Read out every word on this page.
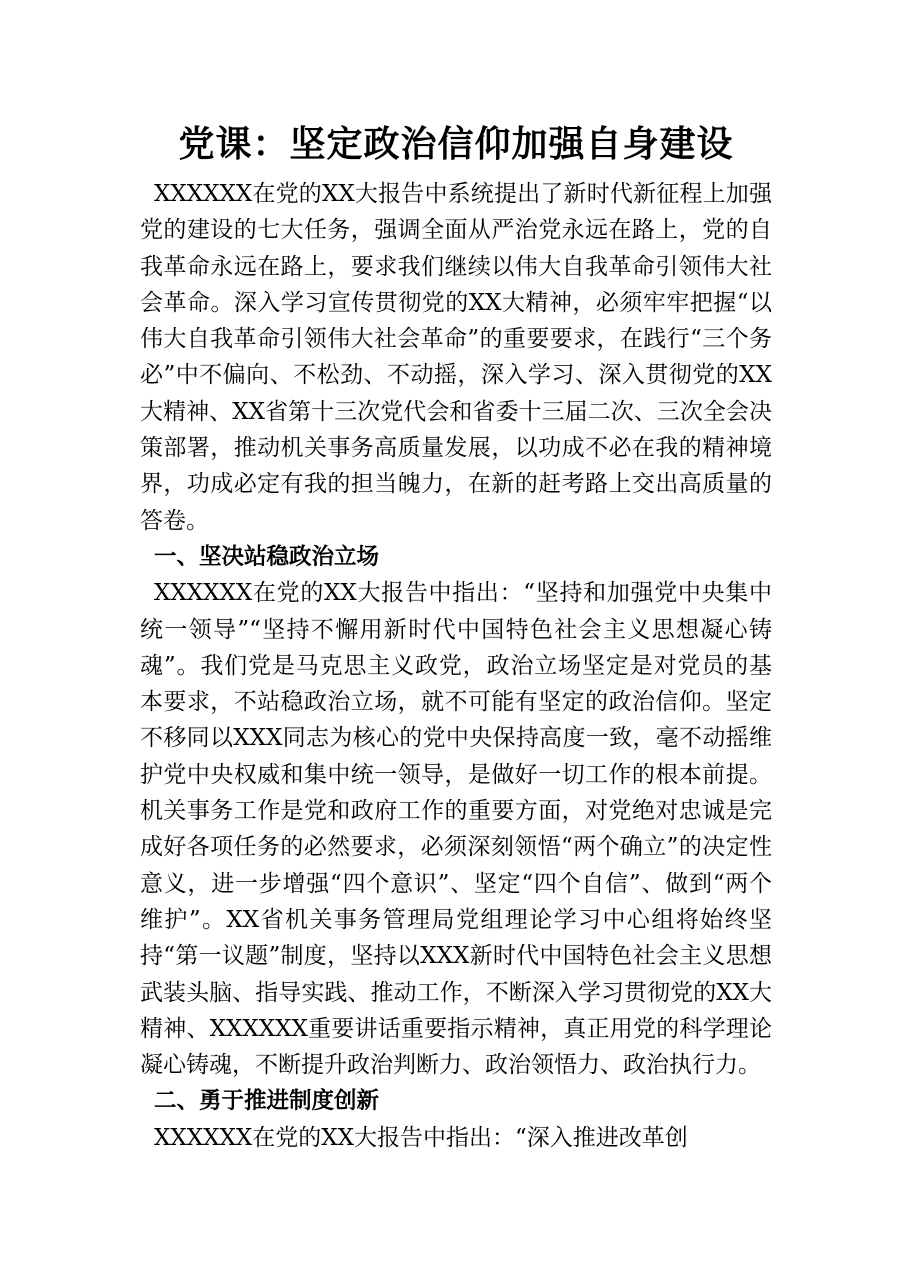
党课：坚定政治信仰加强自身建设

XXXXXX在党的XX大报告中系统提出了新时代新征程上加强党的建设的七大任务，强调全面从严治党永远在路上，党的自我革命永远在路上，要求我们继续以伟大自我革命引领伟大社会革命。深入学习宣传贯彻党的XX大精神，必须牢牢把握“以伟大自我革命引领伟大社会革命”的重要要求，在践行“三个务必”中不偏向、不松劲、不动摇，深入学习、深入贯彻党的XX大精神、XX省第十三次党代会和省委十三届二次、三次全会决策部署，推动机关事务高质量发展，以功成不必在我的精神境界，功成必定有我的担当魄力，在新的赶考路上交出高质量的答卷。

一、坚决站稳政治立场

XXXXXX在党的XX大报告中指出：“坚持和加强党中央集中统一领导”“坚持不懈用新时代中国特色社会主义思想凝心铸魂”。我们党是马克思主义政党，政治立场坚定是对党员的基本要求，不站稳政治立场，就不可能有坚定的政治信仰。坚定不移同以XXX同志为核心的党中央保持高度一致，毫不动摇维护党中央权威和集中统一领导，是做好一切工作的根本前提。机关事务工作是党和政府工作的重要方面，对党绝对忠诚是完成好各项任务的必然要求，必须深刻领悟“两个确立”的决定性意义，进一步增强“四个意识”、坚定“四个自信”、做到“两个维护”。XX省机关事务管理局党组理论学习中心组将始终坚持“第一议题”制度，坚持以XXX新时代中国特色社会主义思想武装头脑、指导实践、推动工作，不断深入学习贯彻党的XX大精神、XXXXXX重要讲话重要指示精神，真正用党的科学理论凝心铸魂，不断提升政治判断力、政治领悟力、政治执行力。

二、勇于推进制度创新

XXXXXX在党的XX大报告中指出：“深入推进改革创
